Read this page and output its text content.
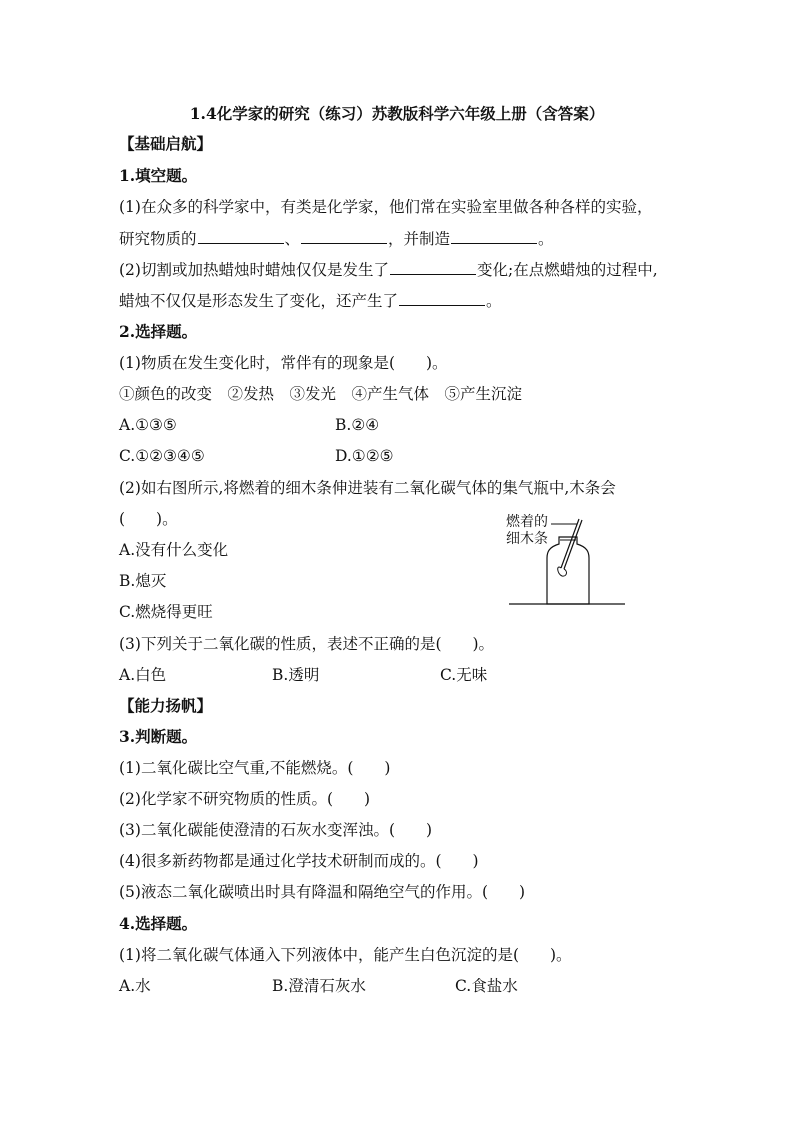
1.4化学家的研究（练习）苏教版科学六年级上册（含答案）
【基础启航】
1.填空题。
(1)在众多的科学家中，有类是化学家，他们常在实验室里做各种各样的实验，
研究物质的	、	，并制造	。
(2)切割或加热蜡烛时蜡烛仅仅是发生了	变化;在点燃蜡烛的过程中,
蜡烛不仅仅是形态发生了变化，还产生了	。
2.选择题。
(1)物质在发生变化时，常伴有的现象是(　　)。
①颜色的改变　②发热　③发光　④产生气体　⑤产生沉淀
A.①③⑤	B.②④
C.①②③④⑤	D.①②⑤
(2)如右图所示,将燃着的细木条伸进装有二氧化碳气体的集气瓶中,木条会
(　　)。
A.没有什么变化
B.熄灭
C.燃烧得更旺
燃着的
细木条
(3)下列关于二氧化碳的性质，表述不正确的是(　　)。
A.白色	B.透明	C.无味
【能力扬帆】
3.判断题。
(1)二氧化碳比空气重,不能燃烧。(　　)
(2)化学家不研究物质的性质。(　　)
(3)二氧化碳能使澄清的石灰水变浑浊。(　　)
(4)很多新药物都是通过化学技术研制而成的。(　　)
(5)液态二氧化碳喷出时具有降温和隔绝空气的作用。(　　)
4.选择题。
(1)将二氧化碳气体通入下列液体中，能产生白色沉淀的是(　　)。
A.水	B.澄清石灰水	C.食盐水
